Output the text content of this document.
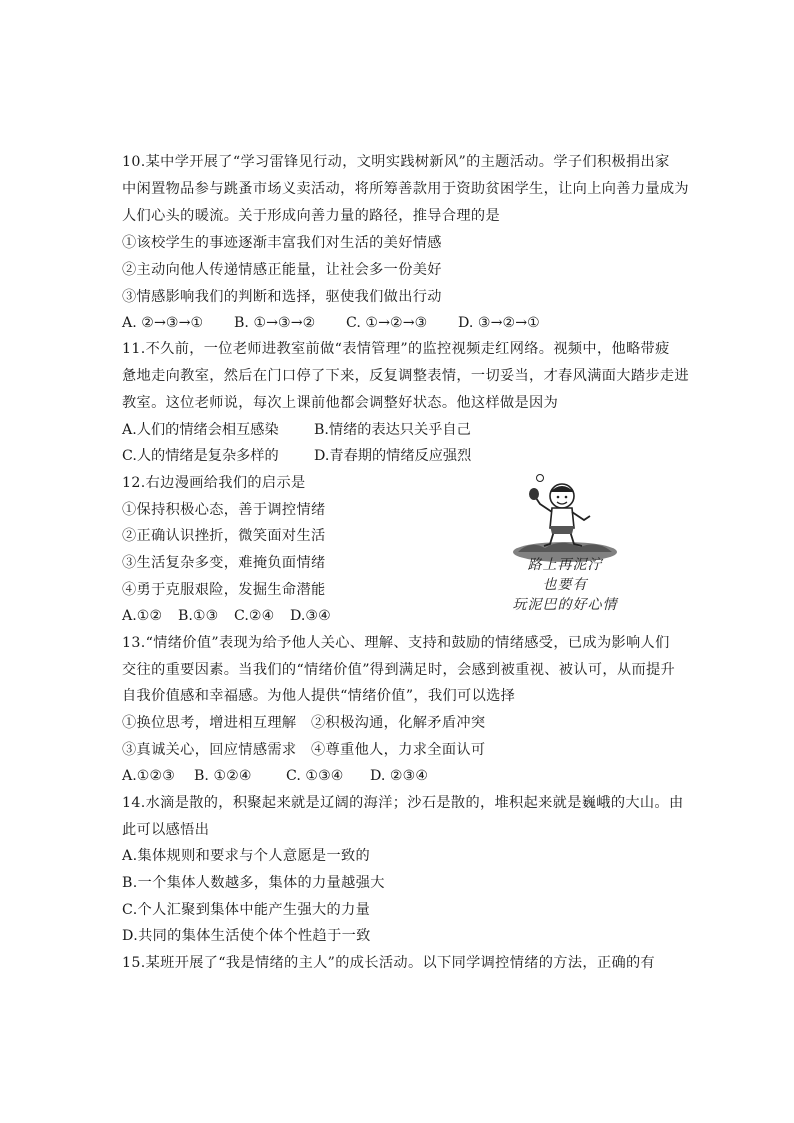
10.某中学开展了“学习雷锋见行动，文明实践树新风”的主题活动。学子们积极捐出家
中闲置物品参与跳蚤市场义卖活动，将所筹善款用于资助贫困学生，让向上向善力量成为
人们心头的暖流。关于形成向善力量的路径，推导合理的是
①该校学生的事迹逐渐丰富我们对生活的美好情感
②主动向他人传递情感正能量，让社会多一份美好
③情感影响我们的判断和选择，驱使我们做出行动
A. ②→③→① B. ①→③→② C. ①→②→③ D. ③→②→①
11.不久前，一位老师进教室前做“表情管理”的监控视频走红网络。视频中，他略带疲
惫地走向教室，然后在门口停了下来，反复调整表情，一切妥当，才春风满面大踏步走进
教室。这位老师说，每次上课前他都会调整好状态。他这样做是因为
A.人们的情绪会相互感染 B.情绪的表达只关乎自己
C.人的情绪是复杂多样的 D.青春期的情绪反应强烈
12.右边漫画给我们的启示是
①保持积极心态，善于调控情绪
②正确认识挫折，微笑面对生活
③生活复杂多变，难掩负面情绪
④勇于克服艰险，发掘生命潜能
A.①② B.①③ C.②④ D.③④
路上再泥泞
也要有
玩泥巴的好心情
13.“情绪价值”表现为给予他人关心、理解、支持和鼓励的情绪感受，已成为影响人们
交往的重要因素。当我们的“情绪价值”得到满足时，会感到被重视、被认可，从而提升
自我价值感和幸福感。为他人提供“情绪价值”，我们可以选择
①换位思考，增进相互理解　②积极沟通，化解矛盾冲突
③真诚关心，回应情感需求　④尊重他人，力求全面认可
A.①②③ B. ①②④ C. ①③④ D. ②③④
14.水滴是散的，积聚起来就是辽阔的海洋；沙石是散的，堆积起来就是巍峨的大山。由
此可以感悟出
A.集体规则和要求与个人意愿是一致的
B.一个集体人数越多，集体的力量越强大
C.个人汇聚到集体中能产生强大的力量
D.共同的集体生活使个体个性趋于一致
15.某班开展了“我是情绪的主人”的成长活动。以下同学调控情绪的方法，正确的有
